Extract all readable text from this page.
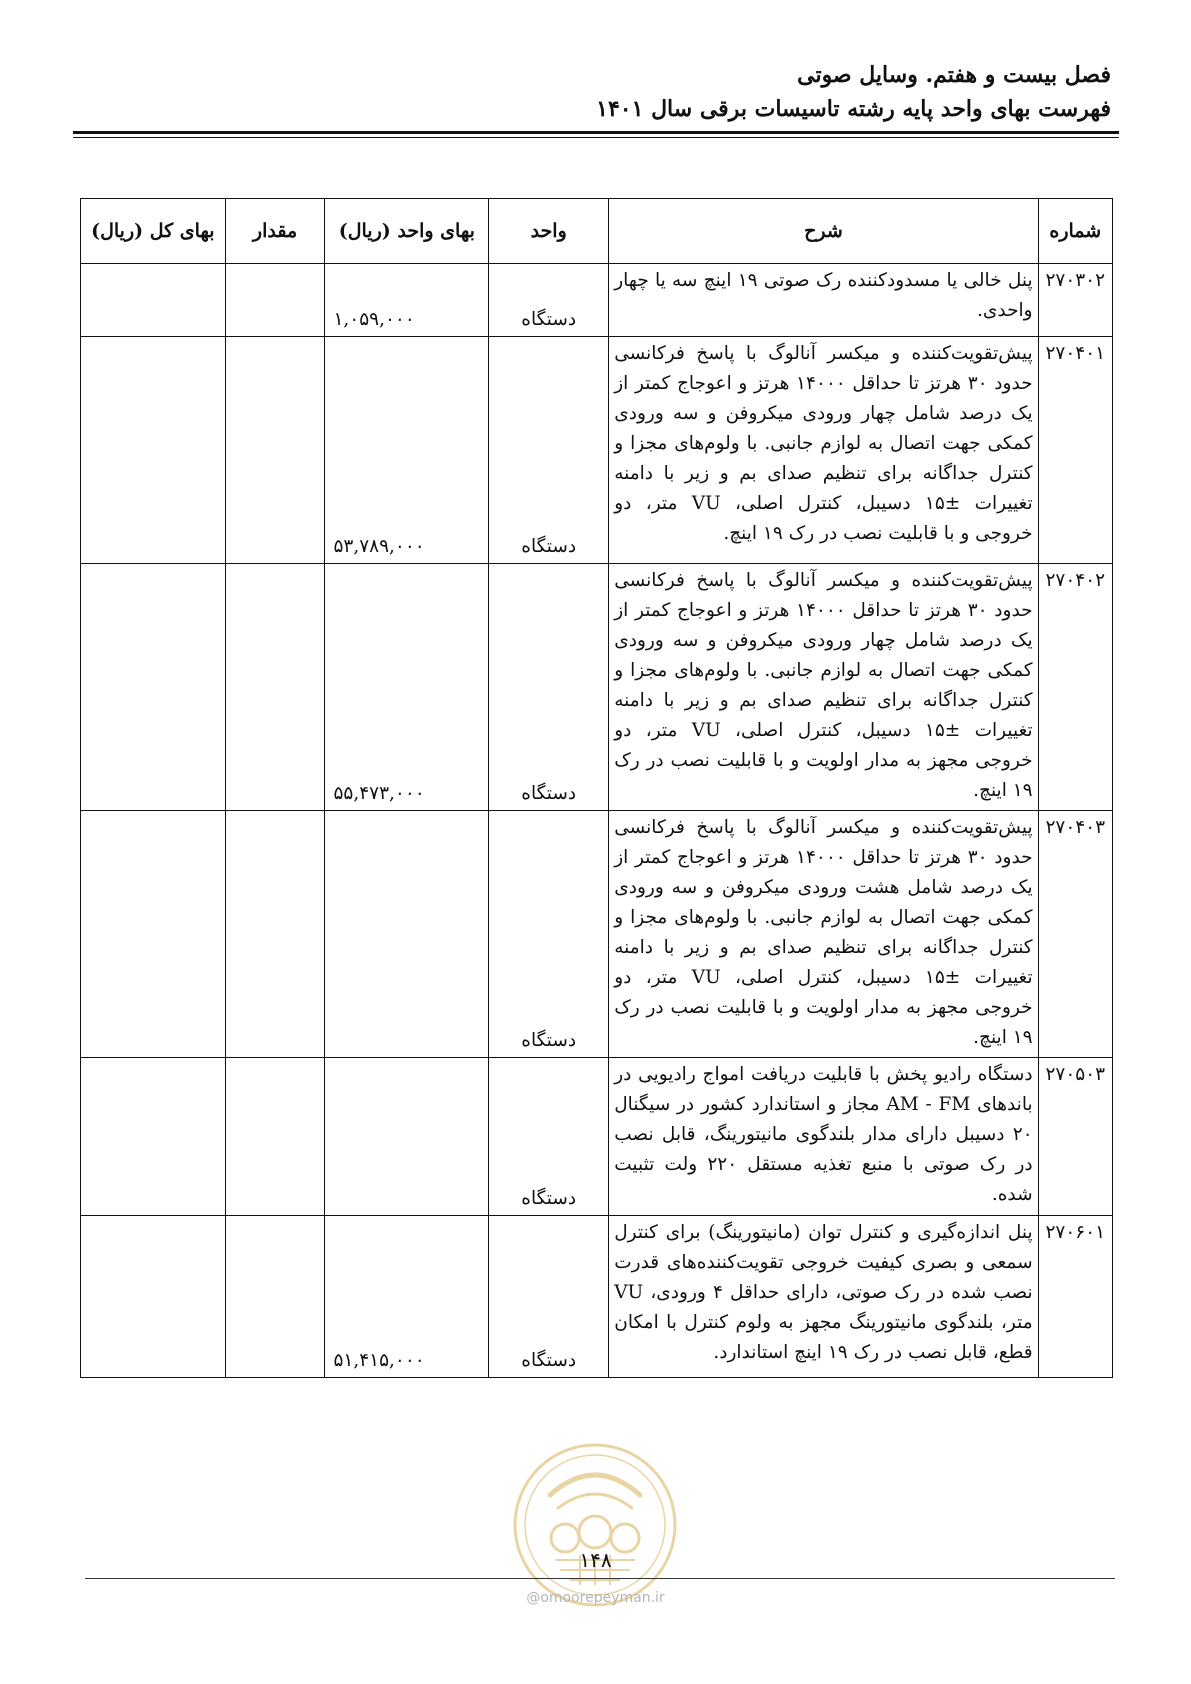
فصل بیست و هفتم. وسایل صوتی
فهرست بهای واحد پایه رشته تاسیسات برقی سال ۱۴۰۱
شماره	شرح	واحد	بهای واحد (ریال)	مقدار	بهای کل (ریال)
۲۷۰۳۰۲	پنل خالی یا مسدودکننده رک صوتی ۱۹ اینچ سه یا چهار واحدی.	دستگاه	۱,۰۵۹,۰۰۰		
۲۷۰۴۰۱	پیش‌تقویت‌کننده و میکسر آنالوگ با پاسخ فرکانسی حدود ۳۰ هرتز تا حداقل ۱۴۰۰۰ هرتز و اعوجاج کمتر از یک درصد شامل چهار ورودی میکروفن و سه ورودی کمکی جهت اتصال به لوازم جانبی. با ولوم‌های مجزا و کنترل جداگانه برای تنظیم صدای بم و زیر با دامنه تغییرات ±۱۵ دسیبل، کنترل اصلی، VU متر، دو خروجی و با قابلیت نصب در رک ۱۹ اینچ.	دستگاه	۵۳,۷۸۹,۰۰۰		
۲۷۰۴۰۲	پیش‌تقویت‌کننده و میکسر آنالوگ با پاسخ فرکانسی حدود ۳۰ هرتز تا حداقل ۱۴۰۰۰ هرتز و اعوجاج کمتر از یک درصد شامل چهار ورودی میکروفن و سه ورودی کمکی جهت اتصال به لوازم جانبی. با ولوم‌های مجزا و کنترل جداگانه برای تنظیم صدای بم و زیر با دامنه تغییرات ±۱۵ دسیبل، کنترل اصلی، VU متر، دو خروجی مجهز به مدار اولویت و با قابلیت نصب در رک ۱۹ اینچ.	دستگاه	۵۵,۴۷۳,۰۰۰		
۲۷۰۴۰۳	پیش‌تقویت‌کننده و میکسر آنالوگ با پاسخ فرکانسی حدود ۳۰ هرتز تا حداقل ۱۴۰۰۰ هرتز و اعوجاج کمتر از یک درصد شامل هشت ورودی میکروفن و سه ورودی کمکی جهت اتصال به لوازم جانبی. با ولوم‌های مجزا و کنترل جداگانه برای تنظیم صدای بم و زیر با دامنه تغییرات ±۱۵ دسیبل، کنترل اصلی، VU متر، دو خروجی مجهز به مدار اولویت و با قابلیت نصب در رک ۱۹ اینچ.	دستگاه			
۲۷۰۵۰۳	دستگاه رادیو پخش با قابلیت دریافت امواج رادیویی در باندهای AM - FM مجاز و استاندارد کشور در سیگنال ۲۰ دسیبل دارای مدار بلندگوی مانیتورینگ، قابل نصب در رک صوتی با منبع تغذیه مستقل ۲۲۰ ولت تثبیت شده.	دستگاه			
۲۷۰۶۰۱	پنل اندازه‌گیری و کنترل توان (مانیتورینگ) برای کنترل سمعی و بصری کیفیت خروجی تقویت‌کننده‌های قدرت نصب شده در رک صوتی، دارای حداقل ۴ ورودی، VU متر، بلندگوی مانیتورینگ مجهز به ولوم کنترل با امکان قطع، قابل نصب در رک ۱۹ اینچ استاندارد.	دستگاه	۵۱,۴۱۵,۰۰۰		
۱۴۸
@omoorepeyman.ir
